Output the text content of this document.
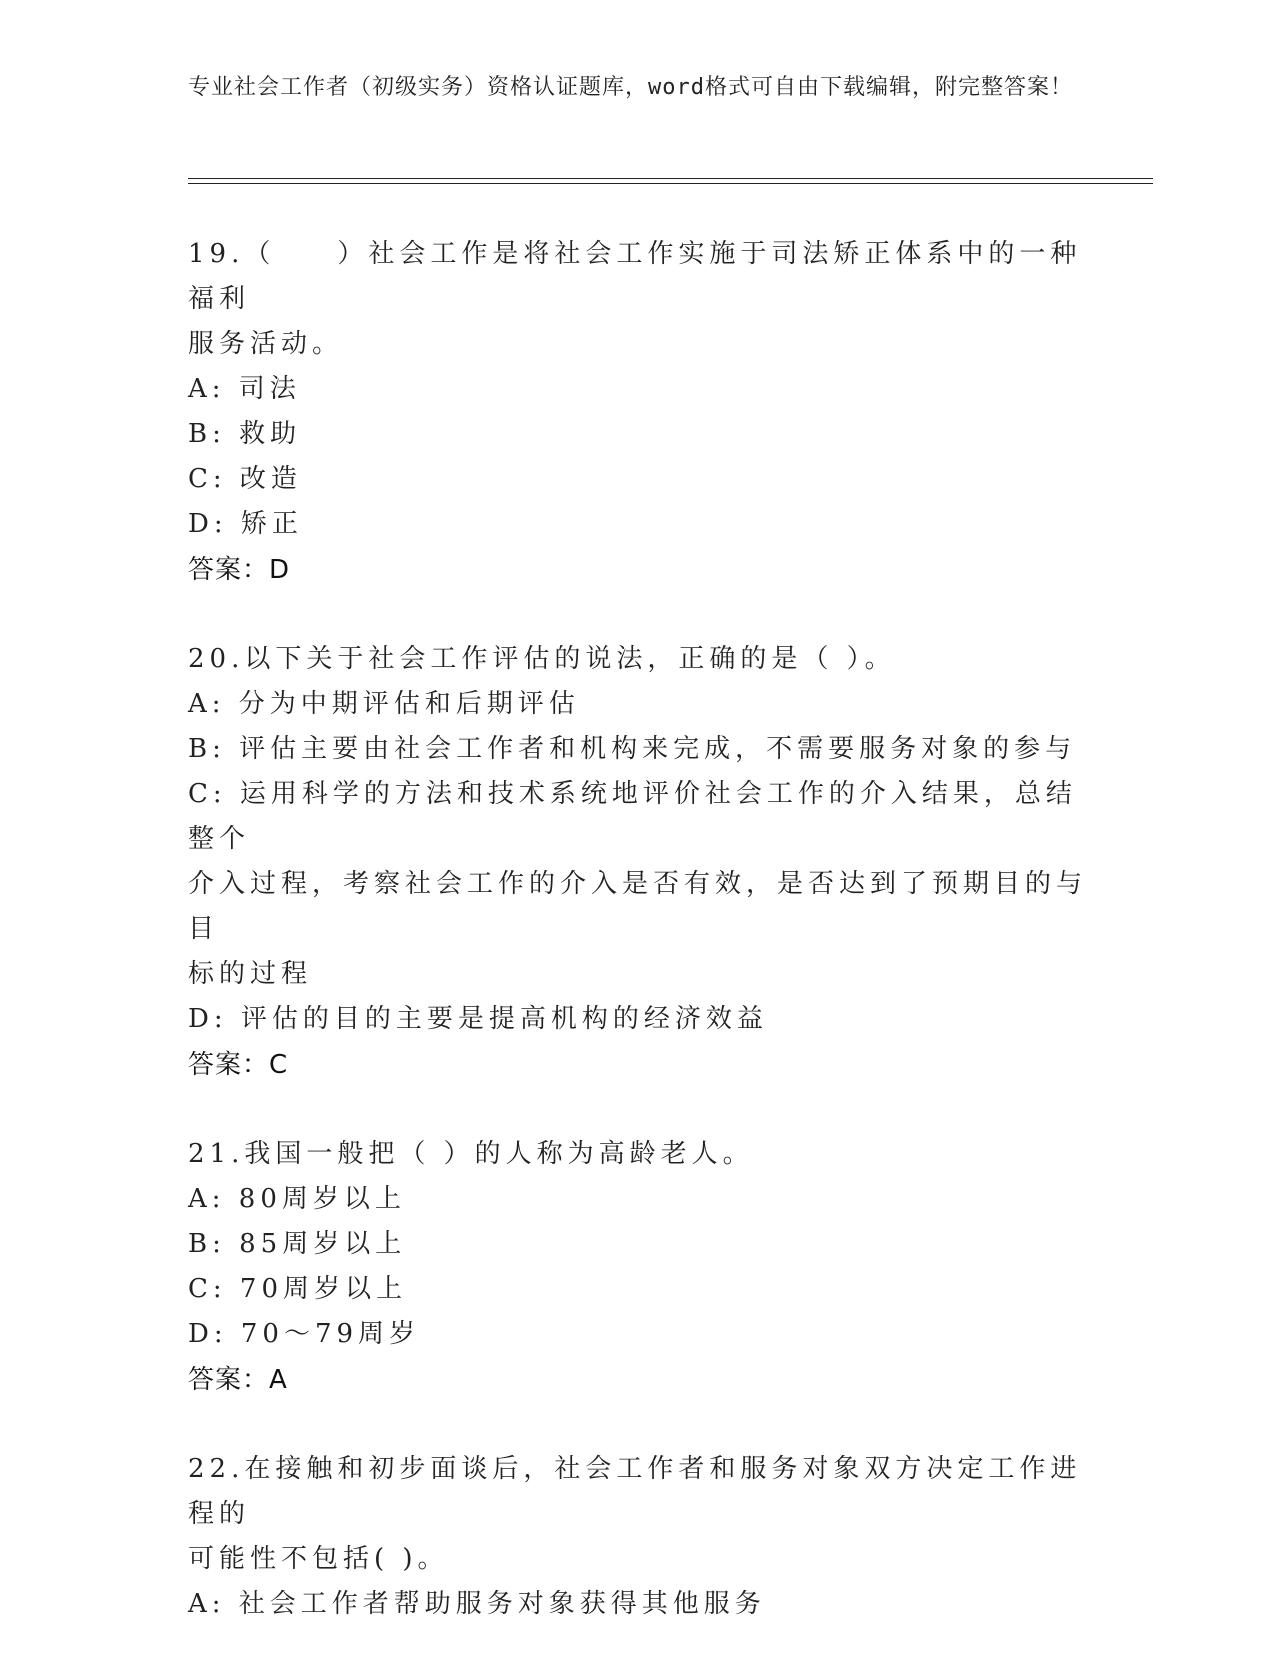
专业社会工作者（初级实务）资格认证题库，word格式可自由下载编辑，附完整答案！
19.（　　）社会工作是将社会工作实施于司法矫正体系中的一种福利
服务活动。
A: 司法
B: 救助
C: 改造
D: 矫正
答案：D
20.以下关于社会工作评估的说法，正确的是（ ）。
A: 分为中期评估和后期评估
B: 评估主要由社会工作者和机构来完成，不需要服务对象的参与
C: 运用科学的方法和技术系统地评价社会工作的介入结果，总结整个
介入过程，考察社会工作的介入是否有效，是否达到了预期目的与目
标的过程
D: 评估的目的主要是提高机构的经济效益
答案：C
21.我国一般把（ ）的人称为高龄老人。
A: 80周岁以上
B: 85周岁以上
C: 70周岁以上
D: 70～79周岁
答案：A
22.在接触和初步面谈后，社会工作者和服务对象双方决定工作进程的
可能性不包括( )。
A: 社会工作者帮助服务对象获得其他服务
